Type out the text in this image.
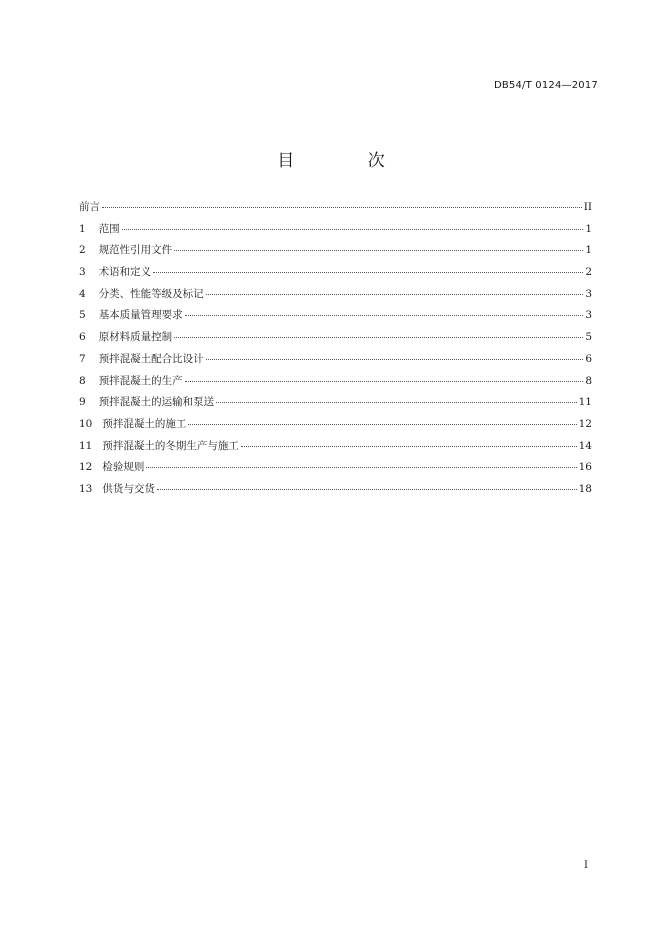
DB54/T 0124—2017
目 次
前言	II
1 范围	1
2 规范性引用文件	1
3 术语和定义	2
4 分类、性能等级及标记	3
5 基本质量管理要求	3
6 原材料质量控制	5
7 预拌混凝土配合比设计	6
8 预拌混凝土的生产	8
9 预拌混凝土的运输和泵送	11
10 预拌混凝土的施工	12
11 预拌混凝土的冬期生产与施工	14
12 检验规则	16
13 供货与交货	18
I
